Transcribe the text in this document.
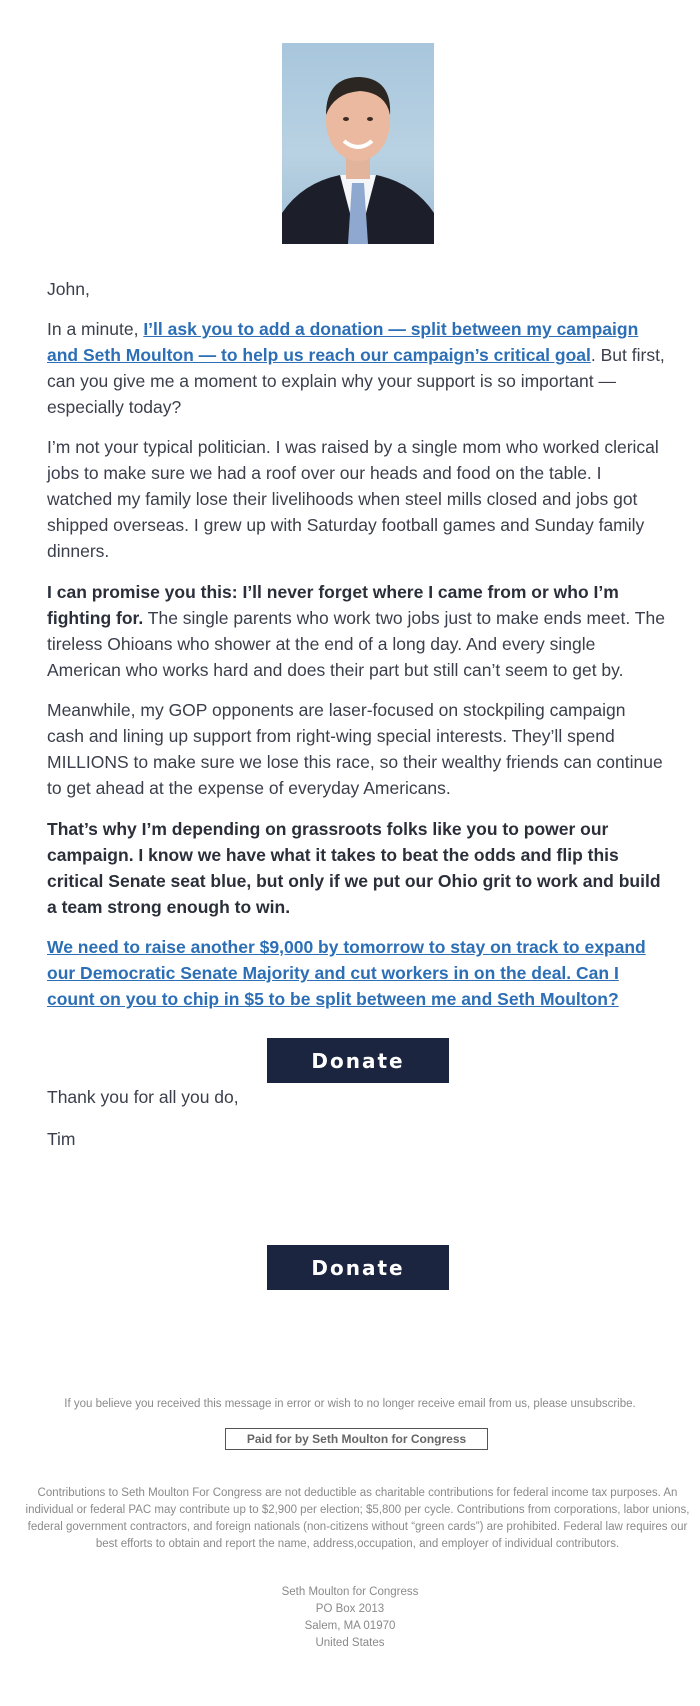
John,

In a minute, I’ll ask you to add a donation — split between my campaign and Seth Moulton — to help us reach our campaign’s critical goal. But first, can you give me a moment to explain why your support is so important — especially today?

I’m not your typical politician. I was raised by a single mom who worked clerical jobs to make sure we had a roof over our heads and food on the table. I watched my family lose their livelihoods when steel mills closed and jobs got shipped overseas. I grew up with Saturday football games and Sunday family dinners.

I can promise you this: I’ll never forget where I came from or who I’m fighting for. The single parents who work two jobs just to make ends meet. The tireless Ohioans who shower at the end of a long day. And every single American who works hard and does their part but still can’t seem to get by.

Meanwhile, my GOP opponents are laser-focused on stockpiling campaign cash and lining up support from right-wing special interests. They’ll spend MILLIONS to make sure we lose this race, so their wealthy friends can continue to get ahead at the expense of everyday Americans.

That’s why I’m depending on grassroots folks like you to power our campaign. I know we have what it takes to beat the odds and flip this critical Senate seat blue, but only if we put our Ohio grit to work and build a team strong enough to win.

We need to raise another $9,000 by tomorrow to stay on track to expand our Democratic Senate Majority and cut workers in on the deal. Can I count on you to chip in $5 to be split between me and Seth Moulton?

Donate
Thank you for all you do,
Tim
Donate
If you believe you received this message in error or wish to no longer receive email from us, please unsubscribe.
Paid for by Seth Moulton for Congress
Contributions to Seth Moulton For Congress are not deductible as charitable contributions for federal income tax purposes. An individual or federal PAC may contribute up to $2,900 per election; $5,800 per cycle. Contributions from corporations, labor unions, federal government contractors, and foreign nationals (non-citizens without “green cards”) are prohibited. Federal law requires our best efforts to obtain and report the name, address,occupation, and employer of individual contributors.
Seth Moulton for Congress
PO Box 2013
Salem, MA 01970
United States
